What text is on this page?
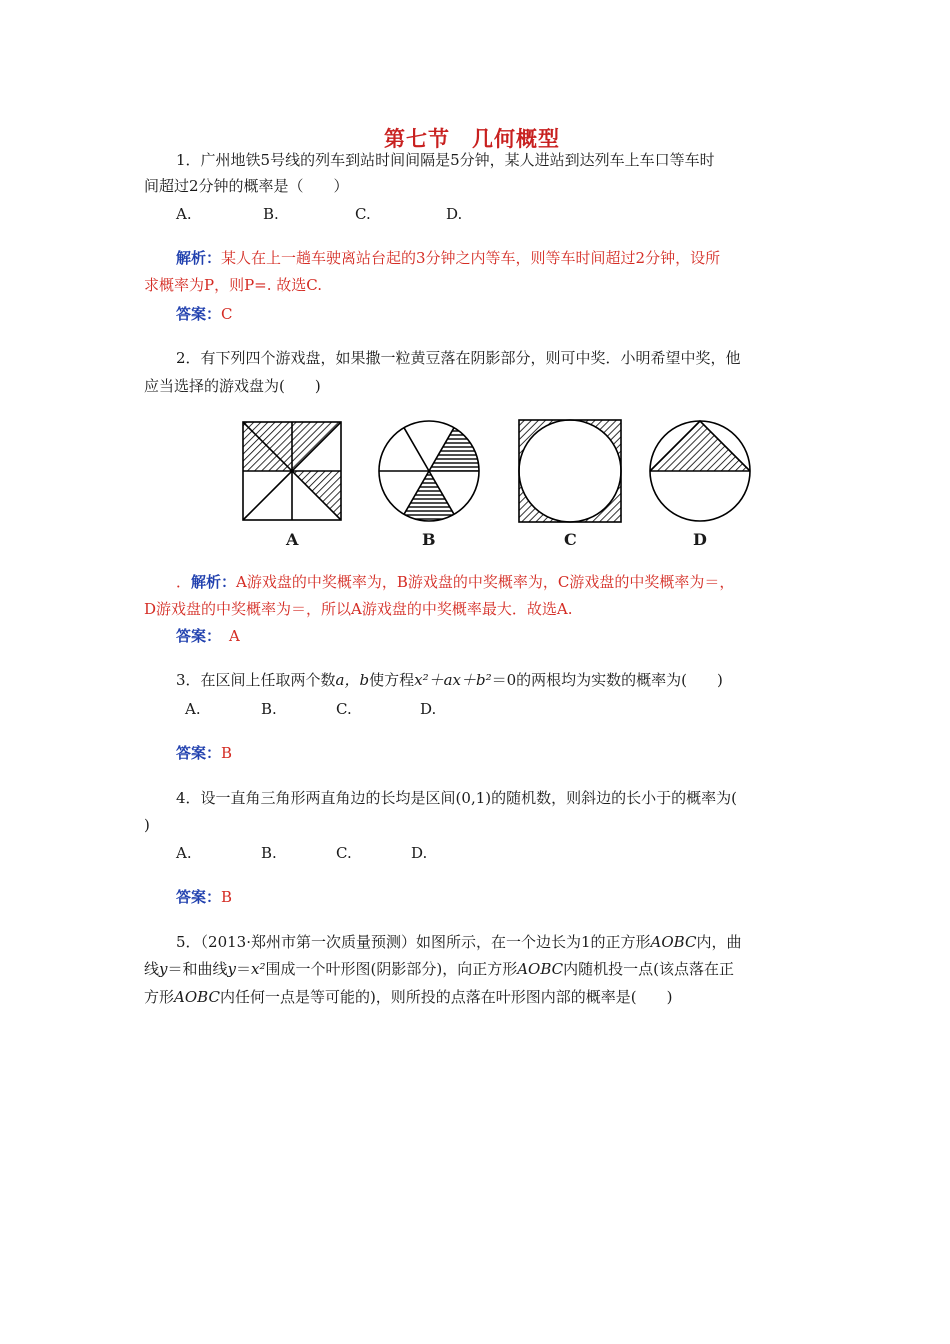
第七节　几何概型
1．广州地铁5号线的列车到站时间间隔是5分钟，某人进站到达列车上车口等车时
间超过2分钟的概率是（　　）
A.	B.	C.	D.
解析：某人在上一趟车驶离站台起的3分钟之内等车，则等车时间超过2分钟，设所
求概率为P，则P=. 故选C.
答案：C
2．有下列四个游戏盘，如果撒一粒黄豆落在阴影部分，则可中奖．小明希望中奖，他
应当选择的游戏盘为(　　)
A	B	C	D
．解析：A游戏盘的中奖概率为，B游戏盘的中奖概率为，C游戏盘的中奖概率为＝，
D游戏盘的中奖概率为＝，所以A游戏盘的中奖概率最大．故选A.
答案： A
3．在区间上任取两个数a，b使方程x²＋ax＋b²＝0的两根均为实数的概率为(　　)
A.	B.	C.	D.
答案：B
4．设一直角三角形两直角边的长均是区间(0,1)的随机数，则斜边的长小于的概率为(
)
A.	B.	C.	D.
答案：B
5．（2013·郑州市第一次质量预测）如图所示，在一个边长为1的正方形AOBC内，曲
线y＝和曲线y＝x²围成一个叶形图(阴影部分)，向正方形AOBC内随机投一点(该点落在正
方形AOBC内任何一点是等可能的)，则所投的点落在叶形图内部的概率是(　　)
